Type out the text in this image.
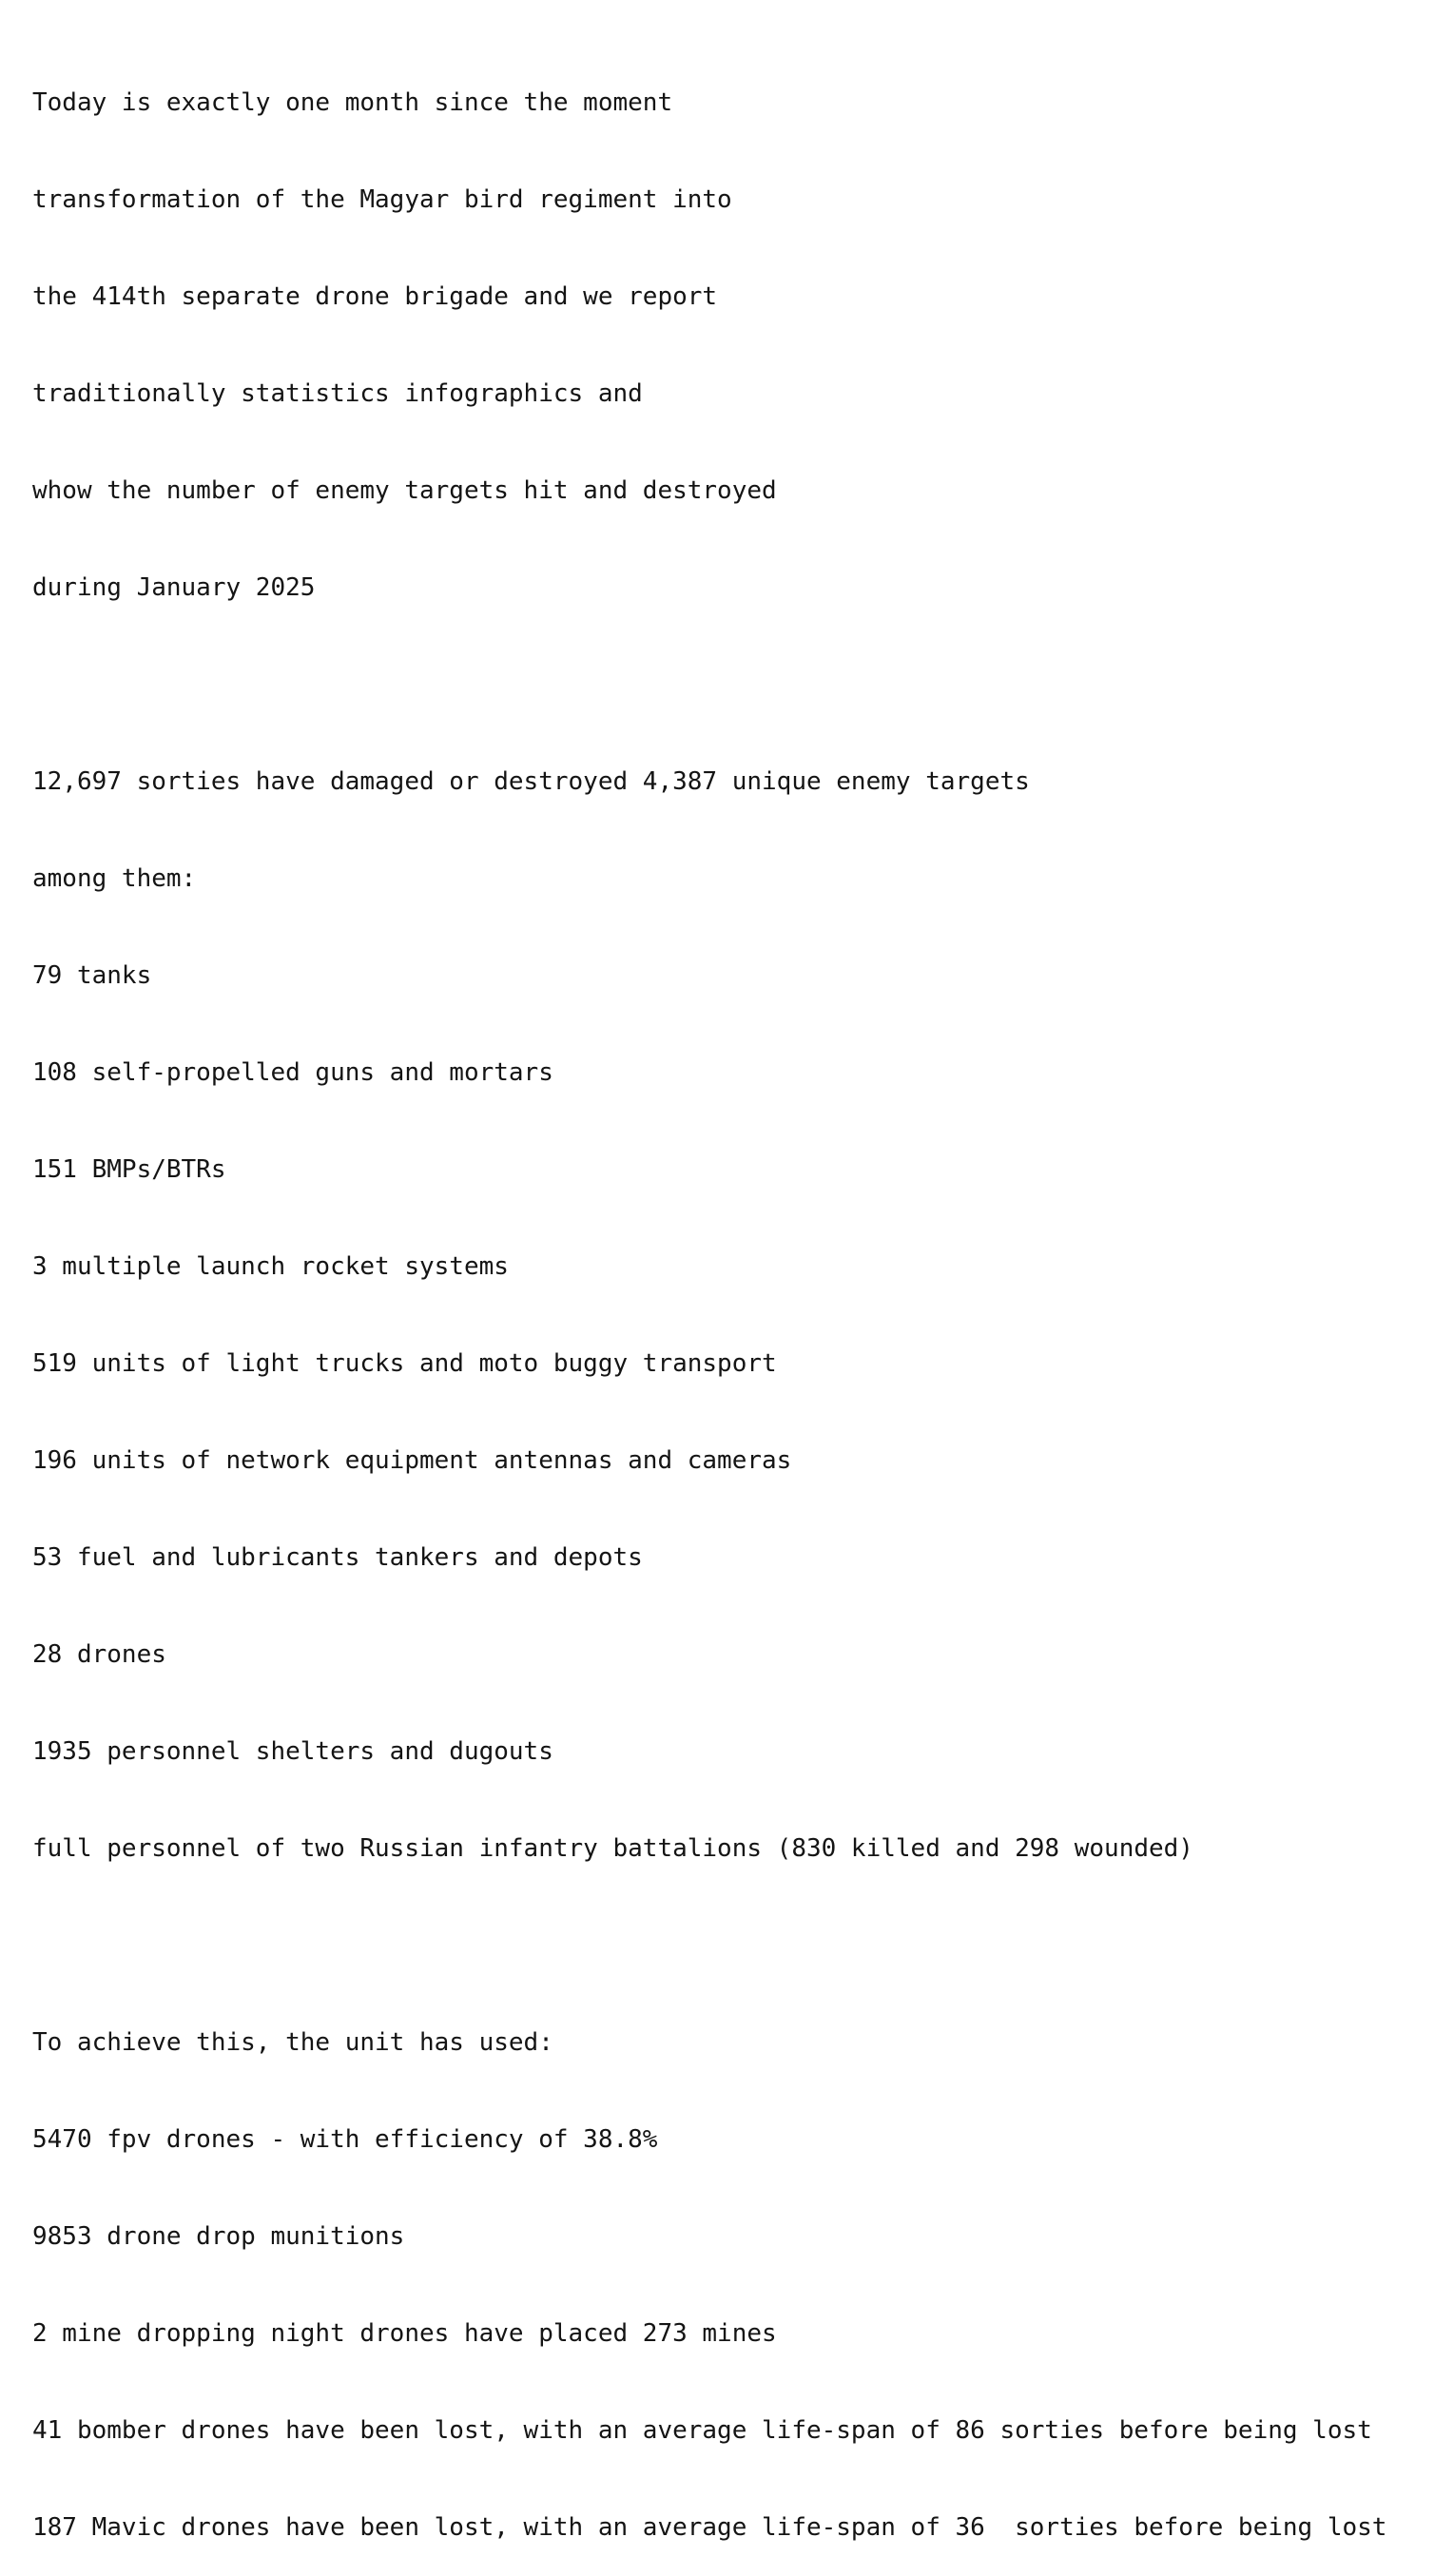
Today is exactly one month since the moment

transformation of the Magyar bird regiment into

the 414th separate drone brigade and we report

traditionally statistics infographics and

whow the number of enemy targets hit and destroyed

during January 2025

12,697 sorties have damaged or destroyed 4,387 unique enemy targets

among them:

79 tanks

108 self-propelled guns and mortars

151 BMPs/BTRs

3 multiple launch rocket systems

519 units of light trucks and moto buggy transport

196 units of network equipment antennas and cameras

53 fuel and lubricants tankers and depots

28 drones

1935 personnel shelters and dugouts

full personnel of two Russian infantry battalions (830 killed and 298 wounded)

To achieve this, the unit has used:

5470 fpv drones - with efficiency of 38.8%

9853 drone drop munitions

2 mine dropping night drones have placed 273 mines

41 bomber drones have been lost, with an average life-span of 86 sorties before being lost

187 Mavic drones have been lost, with an average life-span of 36  sorties before being lost
